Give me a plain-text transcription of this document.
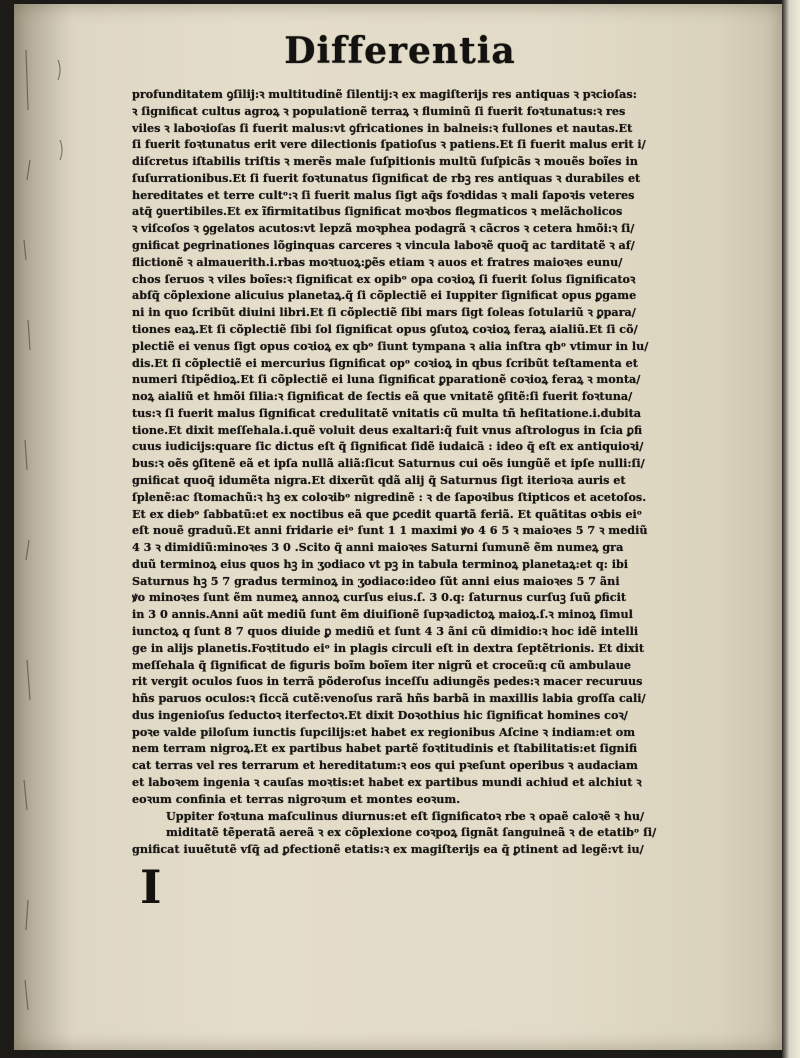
Differentia
profunditatem ꝯſilij:ꝛ multitudinẽ ſilentij:ꝛ ex magiſterijs res antiquas ꝛ pꝛcioſas:
ꝛ ſignificat cultus agroꝝ ꝛ populationẽ terraꝝ ꝛ fluminũ ſi fuerit foꝛtunatus:ꝛ res
viles ꝛ laboꝛioſas ſi fuerit malus:vt ꝯfricationes in balneis:ꝛ fullones et nautas.Et
ſi fuerit foꝛtunatus erit vere dilectionis ſpatioſus ꝛ patiens.Et ſi fuerit malus erit i/
diſcretus iſtabilis triſtis ꝛ merẽs male ſuſpitionis multũ ſuſpicãs ꝛ mouẽs boĩes in
ſuſurrationibus.Et ſi fuerit foꝛtunatus ſignificat de rbꝫ res antiquas ꝛ durabiles et
hereditates et terre cultᵒ:ꝛ ſi fuerit malus ſigt aq̃s foꝛdidas ꝛ mali ſapoꝛis veteres
atq̃ ꝯuertibiles.Et ex ĩfirmitatibus ſignificat moꝛbos flegmaticos ꝛ melãcholicos
ꝛ viſcoſos ꝛ ꝯgelatos acutos:vt lepzã moꝛphea podagrã ꝛ cãcros ꝛ cetera hmõi:ꝛ ſi/
gnificat ꝑegrinationes lõginquas carceres ꝛ vincula laboꝛẽ quoq̃ ac tarditatẽ ꝛ af/
flictionẽ ꝛ almauerith.i.rbas moꝛtuoꝝ:ꝑẽs etiam ꝛ auos et fratres maioꝛes eunu/
chos ſeruos ꝛ viles boĩes:ꝛ ſignificat ex opibᵒ opa coꝛioꝝ ſi fuerit ſolus ſignificatoꝛ
abſq̃ cõplexione alicuius planetaꝝ.q̃ ſi cõplectiẽ ei Iuppiter ſignificat opus ꝑgame
ni in quo ſcribũt diuini libri.Et ſi cõplectiẽ ſibi mars ſigt ſoleas ſotulariũ ꝛ ꝑpara/
tiones eaꝝ.Et ſi cõplectiẽ ſibi ſol ſignificat opus ꝯſutoꝝ coꝛioꝝ feraꝝ aialiũ.Et ſi cõ/
plectiẽ ei venus ſigt opus coꝛioꝝ ex qbᵒ ſiunt tympana ꝛ alia inſtra qbᵒ vtimur in lu/
dis.Et ſi cõplectiẽ ei mercurius ſignificat opᵒ coꝛioꝝ in qbus ſcribũt teſtamenta et
numeri ſtipẽdioꝝ.Et ſi cõplectiẽ ei luna ſignificat ꝑparationẽ coꝛioꝝ feraꝝ ꝛ monta/
noꝝ aialiũ et hmõi ſilia:ꝛ ſignificat de ſectis eã que vnitatẽ ꝯſitẽ:ſi fuerit foꝛtuna/
tus:ꝛ ſi fuerit malus ſignificat credulitatẽ vnitatis cũ multa tñ heſitatione.i.dubita
tione.Et dixit meſſehala.i.quẽ voluit deus exaltari:q̃ fuit vnus aſtrologus in ſcia ꝑfi
cuus iudicijs:quare ſic dictus eſt q̃ ſignificat ſidẽ iudaicã : ideo q̃ eſt ex antiquioꝛi/
bus:ꝛ oẽs ꝯſitenẽ eã et ipſa nullã aliã:ſicut Saturnus cui oẽs iungũẽ et ipſe nulli:ſi/
gnificat quoq̃ idumẽta nigra.Et dixerũt qdã alij q̃ Saturnus ſigt iterioꝛa auris et
ſplenẽ:ac ſtomachũ:ꝛ hꝫ ex coloꝛibᵒ nigredinẽ : ꝛ de ſapoꝛibus ſtipticos et acetoſos.
Et ex diebᵒ ſabbatũ:et ex noctibus eã que ꝑcedit quartã feriã. Et quãtitas oꝛbis eiᵒ
eſt nouẽ graduũ.Et anni fridarie eiᵒ ſunt 1 1 maximi ꝟo 4 6 5 ꝛ maioꝛes 5 7 ꝛ mediũ
4 3 ꝛ dimidiũ:minoꝛes 3 0 .Scito q̃ anni maioꝛes Saturni ſumunẽ ẽm numeꝝ gra
duũ terminoꝝ eius quos hꝫ in ʒodiaco vt pꝫ in tabula terminoꝝ planetaꝝ:et q: ibi
Saturnus hꝫ 5 7 gradus terminoꝝ in ʒodiaco:ideo ſũt anni eius maioꝛes 5 7 ãni
ꝟo minoꝛes ſunt ẽm numeꝝ annoꝝ curſus eius.ſ. 3 0.q: ſaturnus curſuꝫ ſuũ ꝑficit
in 3 0 annis.Anni aũt mediũ ſunt ẽm diuiſionẽ ſupꝛadictoꝝ maioꝝ.ſ.ꝛ minoꝝ ſimul
iunctoꝝ q ſunt 8 7 quos diuide ꝑ mediũ et ſunt 4 3 ãni cũ dimidio:ꝛ hoc idẽ intelli
ge in alijs planetis.Foꝛtitudo eiᵒ in plagis circuli eſt in dextra ſeptẽtrionis. Et dixit
meſſehala q̃ ſignificat de figuris boĩm boĩem iter nigrũ et croceũ:q cũ ambulaue
rit vergit oculos ſuos in terrã põderoſus inceſſu adiungẽs pedes:ꝛ macer recuruus
hñs paruos oculos:ꝛ ſiccã cutẽ:venoſus rarã hñs barbã in maxillis labia groſſa cali/
dus ingenioſus ſeductoꝛ iterfectoꝛ.Et dixit Doꝛothius hic ſignificat homines coꝛ/
poꝛe valde piloſum iunctis ſupcilijs:et habet ex regionibus Aſcine ꝛ indiam:et om
nem terram nigroꝝ.Et ex partibus habet partẽ foꝛtitudinis et ſtabilitatis:et ſignifi
cat terras vel res terrarum et hereditatum:ꝛ eos qui pꝛeſunt operibus ꝛ audaciam
et laboꝛem ingenia ꝛ cauſas moꝛtis:et habet ex partibus mundi achiud et alchiut ꝛ
eoꝛum confinia et terras nigroꝛum et montes eoꝛum.
Uppiter foꝛtuna maſculinus diurnus:et eſt ſignificatoꝛ rbe ꝛ opaẽ caloꝛẽ ꝛ hu/
miditatẽ tẽperatã aereã ꝛ ex cõplexione coꝛpoꝝ ſignãt ſanguineã ꝛ de etatibᵒ ſi/
gnificat iuuẽtutẽ vſq̃ ad ꝑfectionẽ etatis:ꝛ ex magiſterijs ea q̃ ꝑtinent ad legẽ:vt iu/
I
